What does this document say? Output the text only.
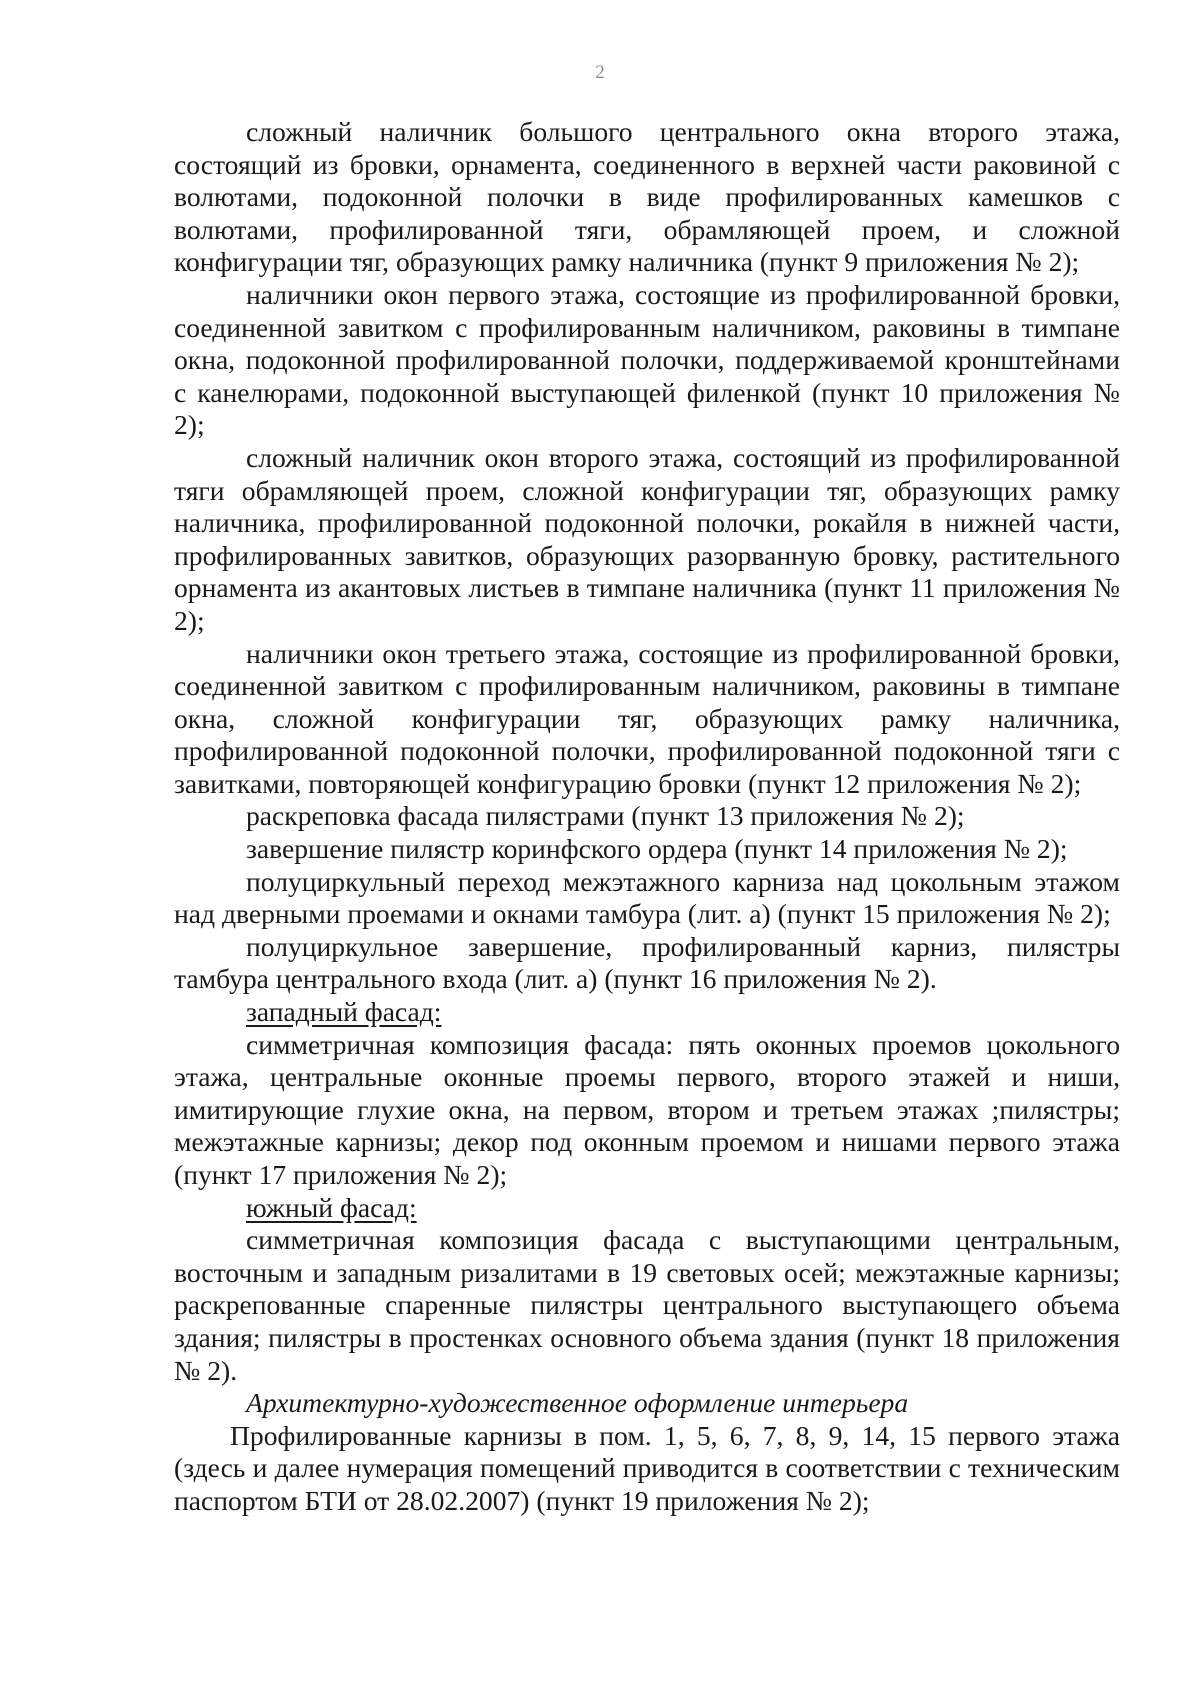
2

сложный наличник большого центрального окна второго этажа, состоящий из бровки, орнамента, соединенного в верхней части раковиной с волютами, подоконной полочки в виде профилированных камешков с волютами, профилированной тяги, обрамляющей проем, и сложной конфигурации тяг, образующих рамку наличника (пункт 9 приложения № 2);

наличники окон первого этажа, состоящие из профилированной бровки, соединенной завитком с профилированным наличником, раковины в тимпане окна, подоконной профилированной полочки, поддерживаемой кронштейнами с канелюрами, подоконной выступающей филенкой (пункт 10 приложения № 2);

сложный наличник окон второго этажа, состоящий из профилированной тяги обрамляющей проем, сложной конфигурации тяг, образующих рамку наличника, профилированной подоконной полочки, рокайля в нижней части, профилированных завитков, образующих разорванную бровку, растительного орнамента из акантовых листьев в тимпане наличника (пункт 11 приложения № 2);

наличники окон третьего этажа, состоящие из профилированной бровки, соединенной завитком с профилированным наличником, раковины в тимпане окна, сложной конфигурации тяг, образующих рамку наличника, профилированной подоконной полочки, профилированной подоконной тяги с завитками, повторяющей конфигурацию бровки (пункт 12 приложения № 2);

раскреповка фасада пилястрами (пункт 13 приложения № 2);

завершение пилястр коринфского ордера (пункт 14 приложения № 2);

полуциркульный переход межэтажного карниза над цокольным этажом над дверными проемами и окнами тамбура (лит. а) (пункт 15 приложения № 2);

полуциркульное завершение, профилированный карниз, пилястры тамбура центрального входа (лит. а) (пункт 16 приложения № 2).

западный фасад:

симметричная композиция фасада: пять оконных проемов цокольного этажа, центральные оконные проемы первого, второго этажей и ниши, имитирующие глухие окна, на первом, втором и третьем этажах ;пилястры; межэтажные карнизы; декор под оконным проемом и нишами первого этажа (пункт 17 приложения № 2);

южный фасад:

симметричная композиция фасада с выступающими центральным, восточным и западным ризалитами в 19 световых осей; межэтажные карнизы; раскрепованные спаренные пилястры центрального выступающего объема здания; пилястры в простенках основного объема здания (пункт 18 приложения № 2).

Архитектурно-художественное оформление интерьера

Профилированные карнизы в пом. 1, 5, 6, 7, 8, 9, 14, 15 первого этажа (здесь и далее нумерация помещений приводится в соответствии с техническим паспортом БТИ от 28.02.2007) (пункт 19 приложения № 2);
